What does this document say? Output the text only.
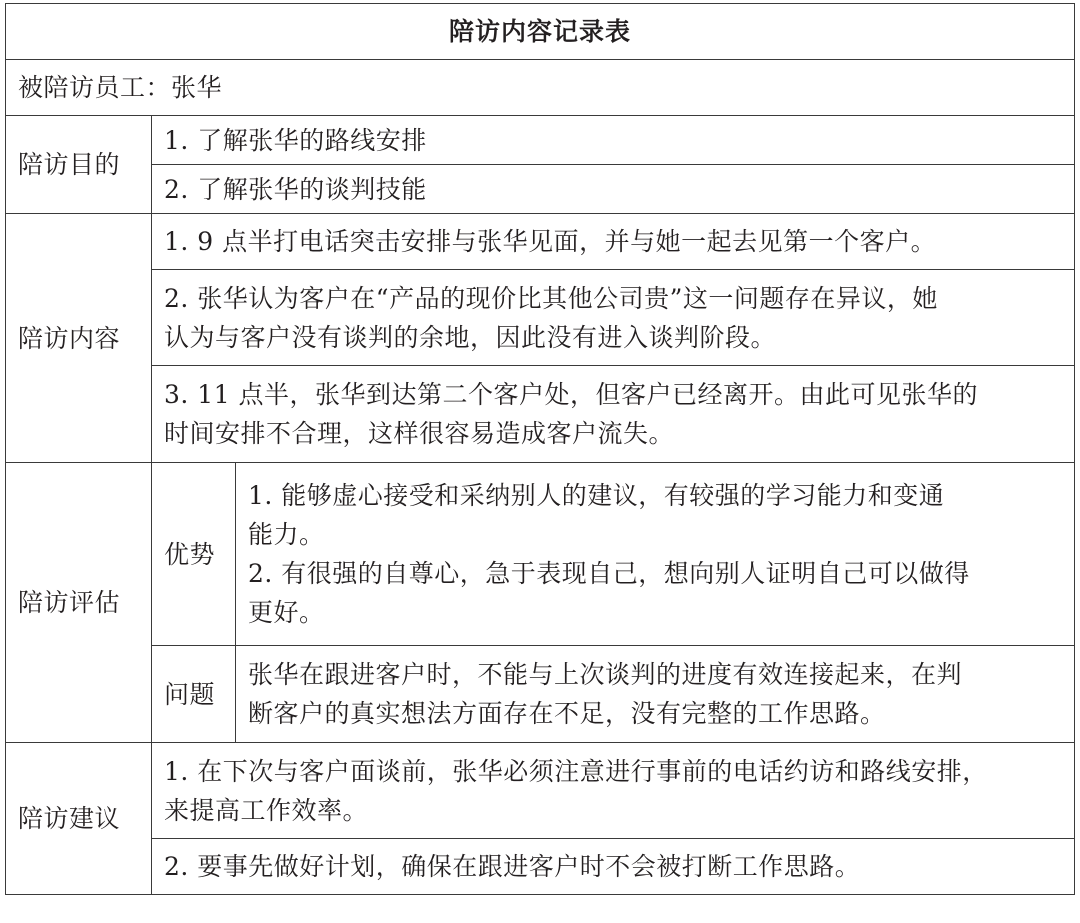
陪访内容记录表		
被陪访员工：张华		
陪访目的	1. 了解张华的路线安排	
	2. 了解张华的谈判技能	
陪访内容	1. 9 点半打电话突击安排与张华见面，并与她一起去见第一个客户。	

	2. 张华认为客户在“产品的现价比其他公司贵”这一问题存在异议，她
认为与客户没有谈判的余地，因此没有进入谈判阶段。	

	3. 11 点半，张华到达第二个客户处，但客户已经离开。由此可见张华的
时间安排不合理，这样很容易造成客户流失。	

陪访评估	优势	1. 能够虚心接受和采纳别人的建议，有较强的学习能力和变通
能力。
2. 有很强的自尊心，急于表现自己，想向别人证明自己可以做得
更好。

	问题	张华在跟进客户时，不能与上次谈判的进度有效连接起来，在判
断客户的真实想法方面存在不足，没有完整的工作思路。

陪访建议	1. 在下次与客户面谈前，张华必须注意进行事前的电话约访和路线安排，
来提高工作效率。	

	2. 要事先做好计划，确保在跟进客户时不会被打断工作思路。	
